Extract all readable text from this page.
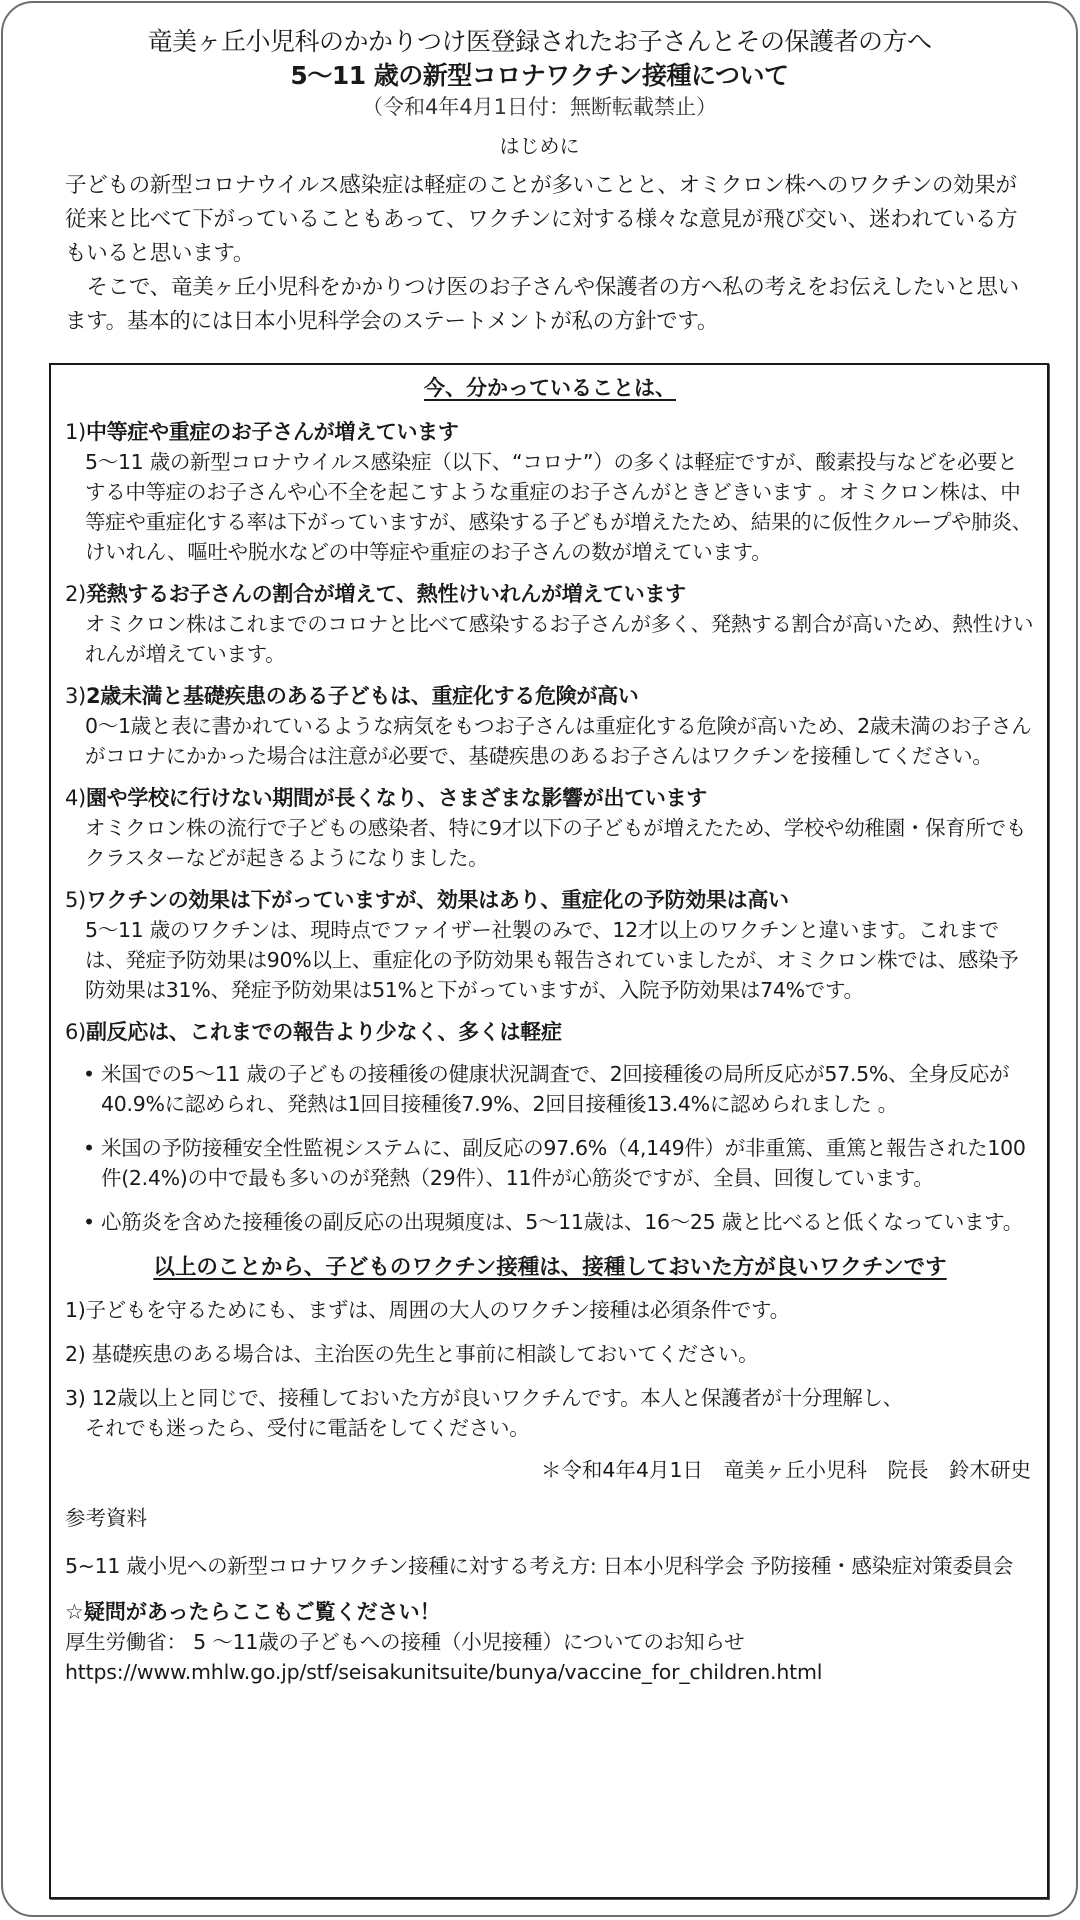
竜美ヶ丘小児科のかかりつけ医登録されたお子さんとその保護者の方へ
5～11 歳の新型コロナワクチン接種について
（令和4年4月1日付：無断転載禁止）
はじめに

子どもの新型コロナウイルス感染症は軽症のことが多いことと、オミクロン株へのワクチンの効果が従来と比べて下がっていることもあって、ワクチンに対する様々な意見が飛び交い、迷われている方もいると思います。

そこで、竜美ヶ丘小児科をかかりつけ医のお子さんや保護者の方へ私の考えをお伝えしたいと思います。基本的には日本小児科学会のステートメントが私の方針です。

今、分かっていることは、
1)中等症や重症のお子さんが増えています
5～11 歳の新型コロナウイルス感染症（以下、“コロナ”）の多くは軽症ですが、酸素投与などを必要とする中等症のお子さんや心不全を起こすような重症のお子さんがときどきいます 。オミクロン株は、中等症や重症化する率は下がっていますが、感染する子どもが増えたため、結果的に仮性クループや肺炎、けいれん、嘔吐や脱水などの中等症や重症のお子さんの数が増えています。
2)発熱するお子さんの割合が増えて、熱性けいれんが増えています
オミクロン株はこれまでのコロナと比べて感染するお子さんが多く、発熱する割合が高いため、熱性けいれんが増えています。
3)2歳未満と基礎疾患のある子どもは、重症化する危険が高い
0～1歳と表に書かれているような病気をもつお子さんは重症化する危険が高いため、2歳未満のお子さんがコロナにかかった場合は注意が必要で、基礎疾患のあるお子さんはワクチンを接種してください。
4)園や学校に行けない期間が長くなり、さまざまな影響が出ています
オミクロン株の流行で子どもの感染者、特に9才以下の子どもが増えたため、学校や幼稚園・保育所でもクラスターなどが起きるようになりました。
5)ワクチンの効果は下がっていますが、効果はあり、重症化の予防効果は高い
5～11 歳のワクチンは、現時点でファイザー社製のみで、12才以上のワクチンと違います。これまでは、発症予防効果は90%以上、重症化の予防効果も報告されていましたが、オミクロン株では、感染予防効果は31%、発症予防効果は51%と下がっていますが、入院予防効果は74%です。
6)副反応は、これまでの報告より少なく、多くは軽症
• 米国での5～11 歳の子どもの接種後の健康状況調査で、2回接種後の局所反応が57.5%、全身反応が40.9%に認められ、発熱は1回目接種後7.9%、2回目接種後13.4%に認められました 。
• 米国の予防接種安全性監視システムに、副反応の97.6%（4,149件）が非重篤、重篤と報告された100件(2.4%)の中で最も多いのが発熱（29件）、11件が心筋炎ですが、全員、回復しています。
• 心筋炎を含めた接種後の副反応の出現頻度は、5～11歳は、16～25 歳と比べると低くなっています。
以上のことから、子どものワクチン接種は、接種しておいた方が良いワクチンです
1)子どもを守るためにも、まずは、周囲の大人のワクチン接種は必須条件です。
2) 基礎疾患のある場合は、主治医の先生と事前に相談しておいてください。
3) 12歳以上と同じで、接種しておいた方が良いワクチんです。本人と保護者が十分理解し、
それでも迷ったら、受付に電話をしてください。
＊令和4年4月1日　竜美ヶ丘小児科　院長　鈴木研史
参考資料
5~11 歳小児への新型コロナワクチン接種に対する考え方: 日本小児科学会 予防接種・感染症対策委員会
☆疑問があったらここもご覧ください！
厚生労働省： 5 ～11歳の子どもへの接種（小児接種）についてのお知らせ
https://www.mhlw.go.jp/stf/seisakunitsuite/bunya/vaccine_for_children.html
